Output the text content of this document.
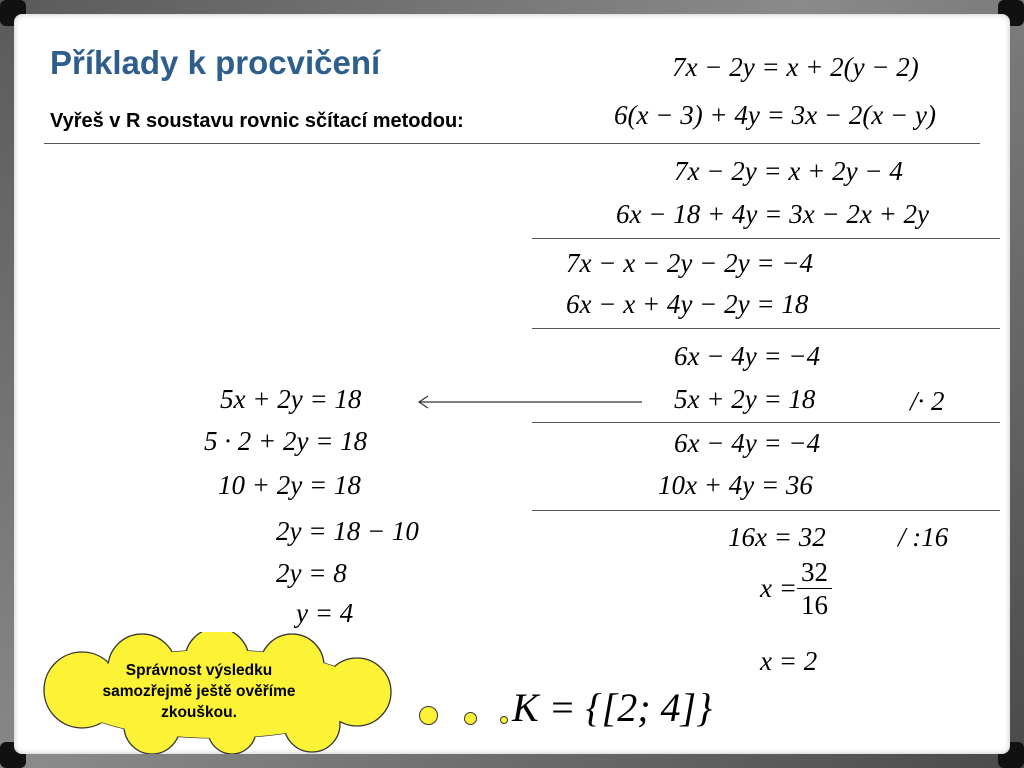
Příklady k procvičení
Vyřeš v R soustavu rovnic sčítací metodou:
7x − 2y = x + 2(y − 2)
6(x − 3) + 4y = 3x − 2(x − y)
7x − 2y = x + 2y − 4
6x − 18 + 4y = 3x − 2x + 2y
7x − x − 2y − 2y = −4
6x − x + 4y − 2y = 18
6x − 4y = −4
5x + 2y = 18	/· 2
6x − 4y = −4
10x + 4y = 36
16x = 32	/ :16
$x = \frac{32}{16}$
x = 2
5x + 2y = 18
5 · 2 + 2y = 18
10 + 2y = 18
2y = 18 − 10
2y = 8
y = 4
Správnost výsledku samozřejmě ještě ověříme zkouškou.	K = {[2; 4]}
